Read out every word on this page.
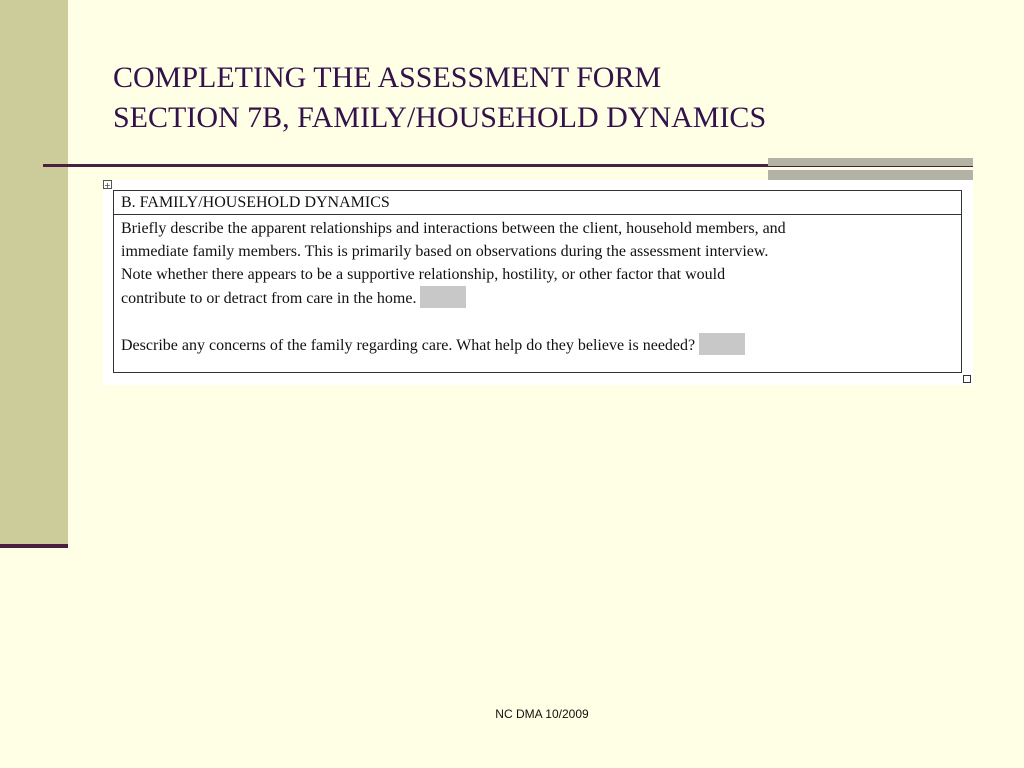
COMPLETING THE ASSESSMENT FORM
SECTION 7B, FAMILY/HOUSEHOLD DYNAMICS
+
B. FAMILY/HOUSEHOLD DYNAMICS

Briefly describe the apparent relationships and interactions between the client, household members, and
immediate family members. This is primarily based on observations during the assessment interview.
Note whether there appears to be a supportive relationship, hostility, or other factor that would
contribute to or detract from care in the home.

Describe any concerns of the family regarding care. What help do they believe is needed?

NC DMA 10/2009
